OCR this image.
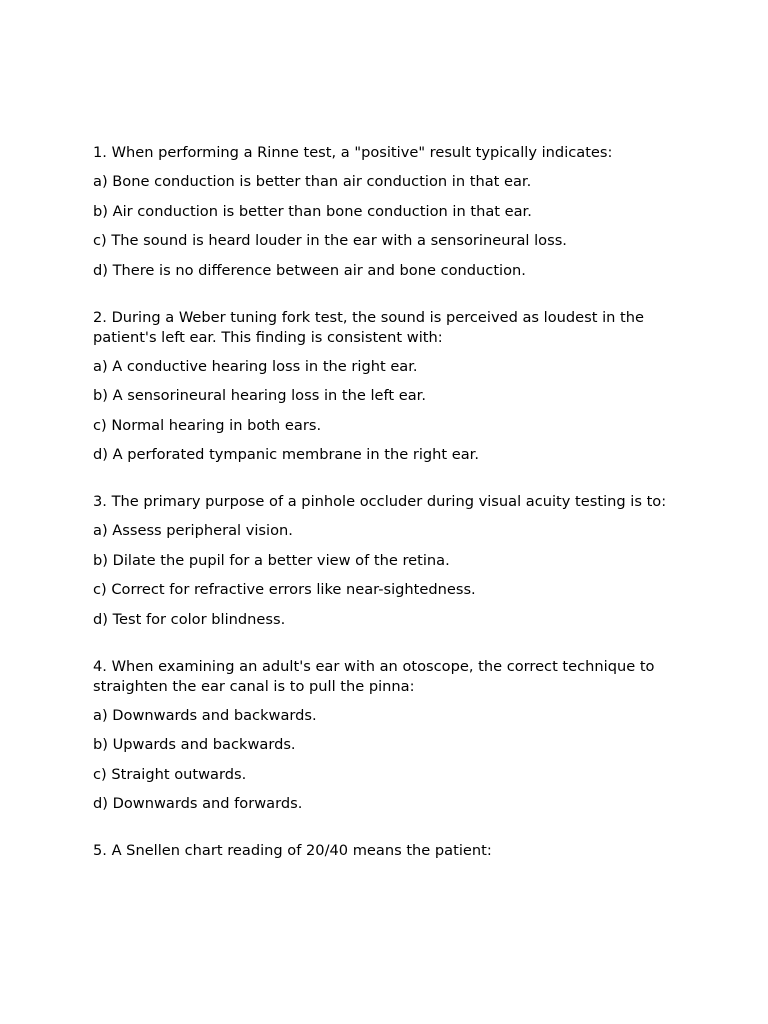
1. When performing a Rinne test, a "positive" result typically indicates:

a) Bone conduction is better than air conduction in that ear.

b) Air conduction is better than bone conduction in that ear.

c) The sound is heard louder in the ear with a sensorineural loss.

d) There is no difference between air and bone conduction.

2. During a Weber tuning fork test, the sound is perceived as loudest in the patient's left ear. This finding is consistent with:

a) A conductive hearing loss in the right ear.

b) A sensorineural hearing loss in the left ear.

c) Normal hearing in both ears.

d) A perforated tympanic membrane in the right ear.

3. The primary purpose of a pinhole occluder during visual acuity testing is to:

a) Assess peripheral vision.

b) Dilate the pupil for a better view of the retina.

c) Correct for refractive errors like near-sightedness.

d) Test for color blindness.

4. When examining an adult's ear with an otoscope, the correct technique to straighten the ear canal is to pull the pinna:

a) Downwards and backwards.

b) Upwards and backwards.

c) Straight outwards.

d) Downwards and forwards.

5. A Snellen chart reading of 20/40 means the patient:
